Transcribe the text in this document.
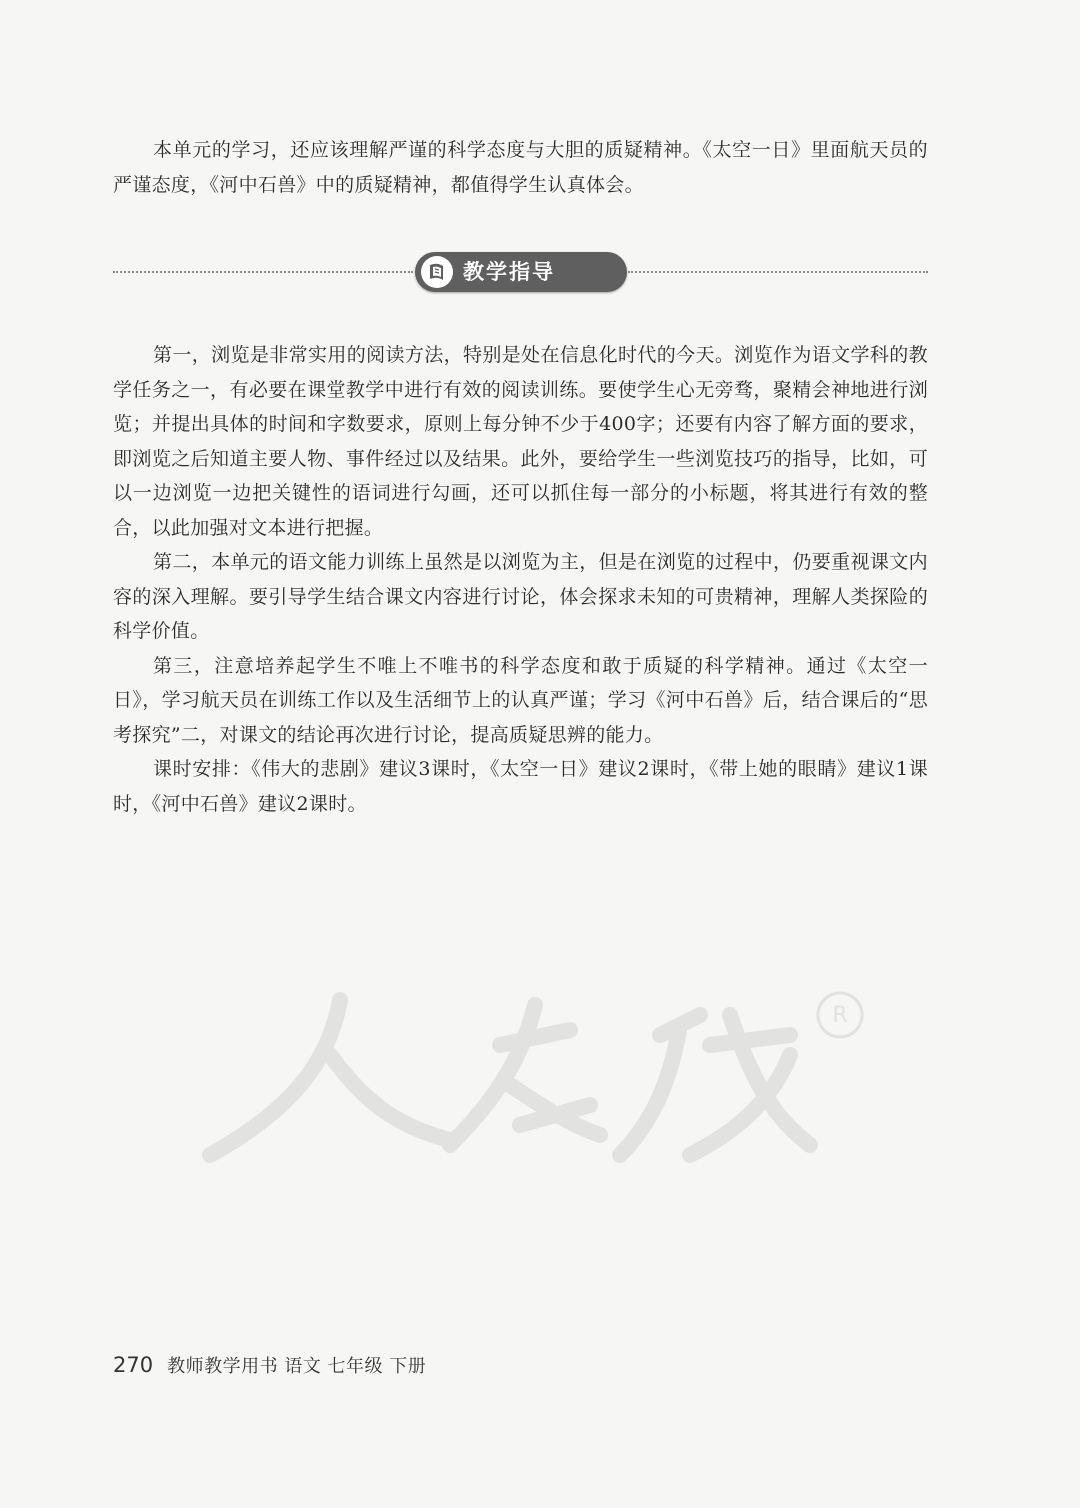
本单元的学习，还应该理解严谨的科学态度与大胆的质疑精神。《太空一日》里面航天员的严谨态度，《河中石兽》中的质疑精神，都值得学生认真体会。

教学指导

第一，浏览是非常实用的阅读方法，特别是处在信息化时代的今天。浏览作为语文学科的教学任务之一，有必要在课堂教学中进行有效的阅读训练。要使学生心无旁骛，聚精会神地进行浏览；并提出具体的时间和字数要求，原则上每分钟不少于400字；还要有内容了解方面的要求，即浏览之后知道主要人物、事件经过以及结果。此外，要给学生一些浏览技巧的指导，比如，可以一边浏览一边把关键性的语词进行勾画，还可以抓住每一部分的小标题，将其进行有效的整合，以此加强对文本进行把握。

第二，本单元的语文能力训练上虽然是以浏览为主，但是在浏览的过程中，仍要重视课文内容的深入理解。要引导学生结合课文内容进行讨论，体会探求未知的可贵精神，理解人类探险的科学价值。

第三，注意培养起学生不唯上不唯书的科学态度和敢于质疑的科学精神。通过《太空一日》，学习航天员在训练工作以及生活细节上的认真严谨；学习《河中石兽》后，结合课后的“思考探究”二，对课文的结论再次进行讨论，提高质疑思辨的能力。

课时安排：《伟大的悲剧》建议3课时，《太空一日》建议2课时，《带上她的眼睛》建议1课时，《河中石兽》建议2课时。

R
270 教师教学用书 语文 七年级 下册
